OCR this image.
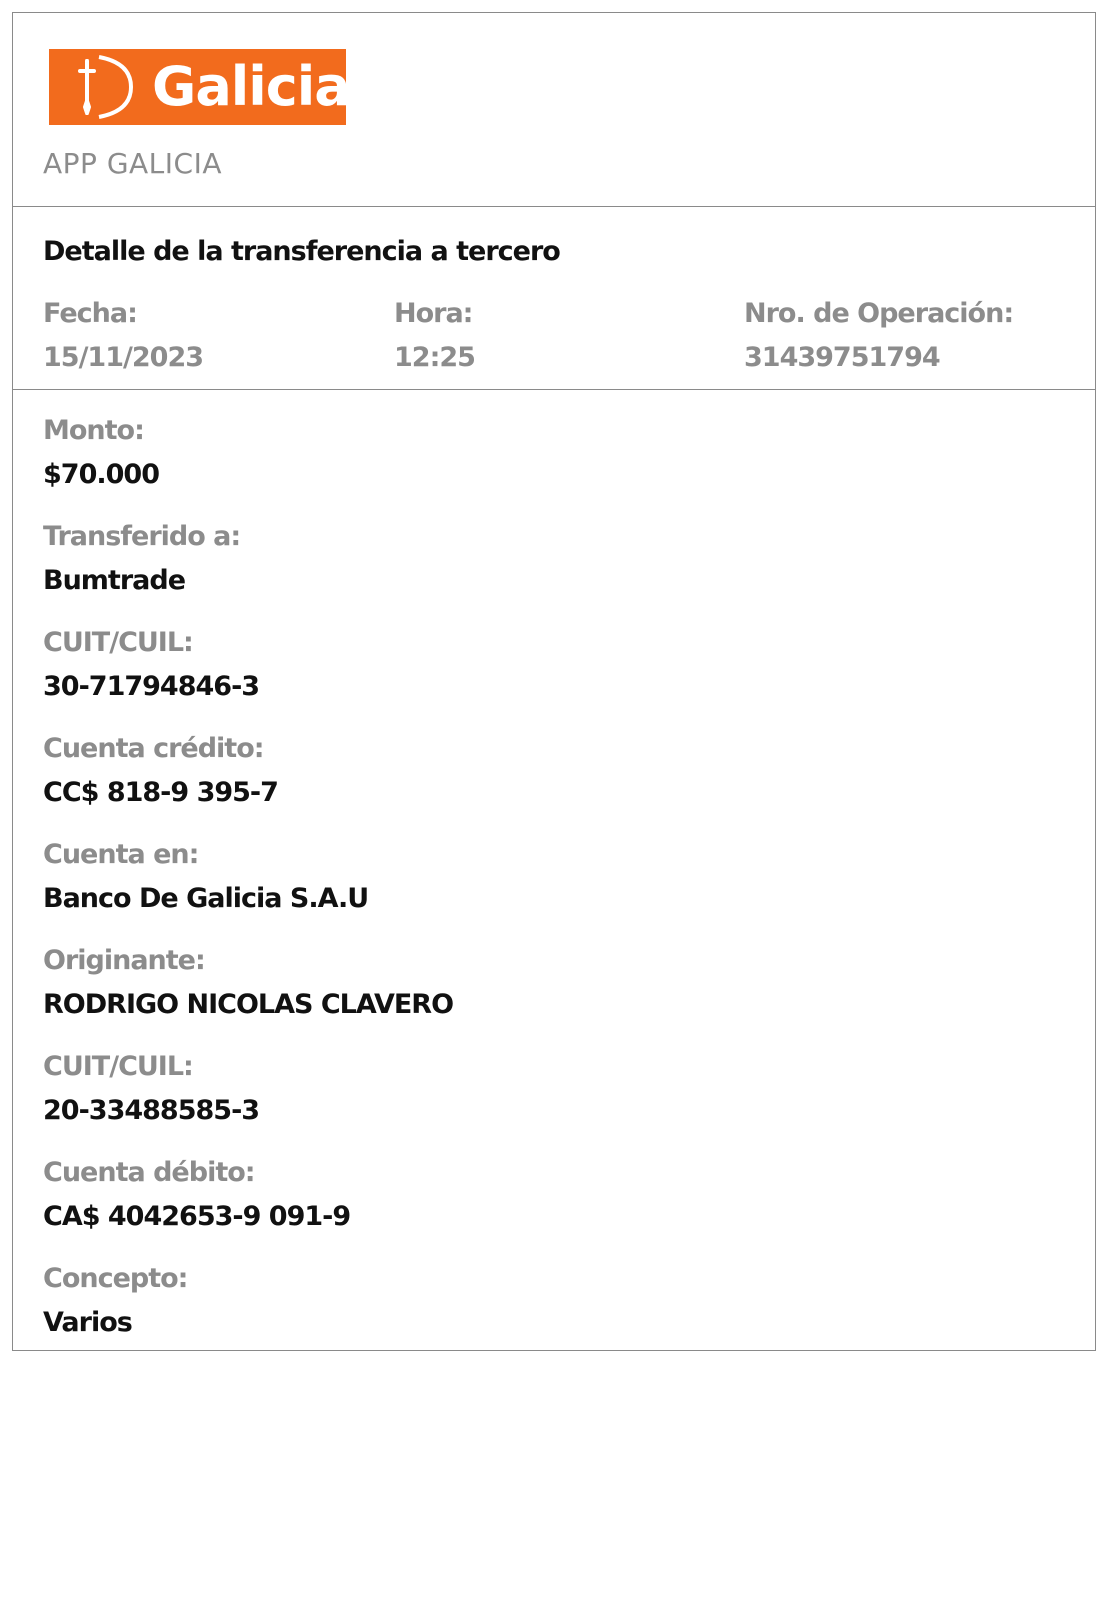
Galicia
APP GALICIA
Detalle de la transferencia a tercero
Fecha:
15/11/2023
Hora:
12:25
Nro. de Operación:
31439751794
Monto:
$70.000
Transferido a:
Bumtrade
CUIT/CUIL:
30-71794846-3
Cuenta crédito:
CC$ 818-9 395-7
Cuenta en:
Banco De Galicia S.A.U
Originante:
RODRIGO NICOLAS CLAVERO
CUIT/CUIL:
20-33488585-3
Cuenta débito:
CA$ 4042653-9 091-9
Concepto:
Varios
